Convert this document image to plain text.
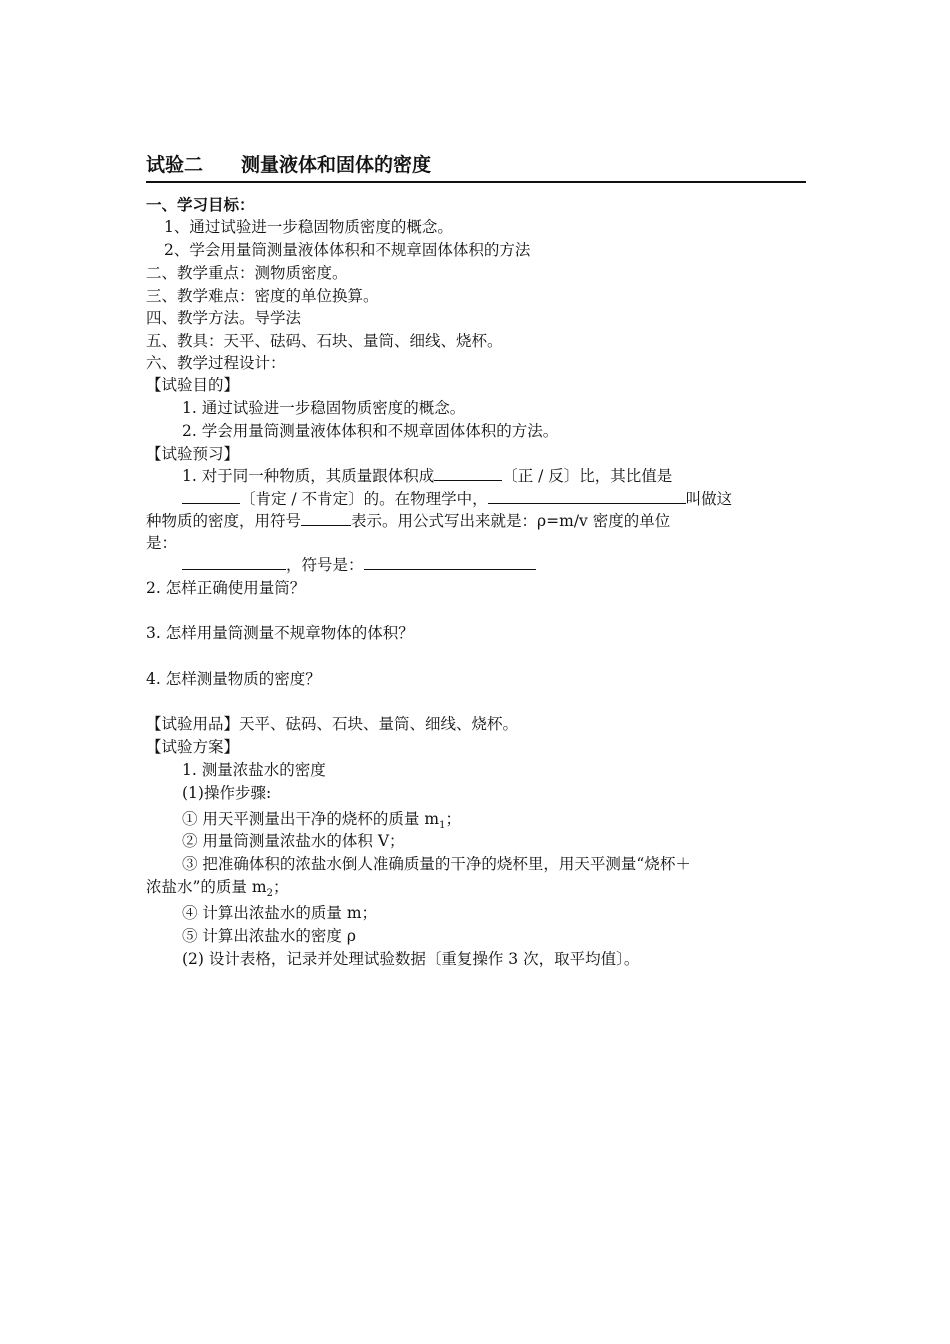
试验二　　测量液体和固体的密度
一、学习目标：
1、通过试验进一步稳固物质密度的概念。
2、学会用量筒测量液体体积和不规章固体体积的方法
二、教学重点：测物质密度。
三、教学难点：密度的单位换算。
四、教学方法。导学法
五、教具：天平、砝码、石块、量筒、细线、烧杯。
六、教学过程设计：
【试验目的】
1. 通过试验进一步稳固物质密度的概念。
2. 学会用量筒测量液体体积和不规章固体体积的方法。
【试验预习】
1. 对于同一种物质，其质量跟体积成	〔正 / 反〕比，其比值是
〔肯定 / 不肯定〕的。在物理学中，	叫做这
种物质的密度，用符号	表示。用公式写出来就是：ρ=m/v 密度的单位
是：
，符号是：
2. 怎样正确使用量筒？
3. 怎样用量筒测量不规章物体的体积？
4. 怎样测量物质的密度？
【试验用品】天平、砝码、石块、量筒、细线、烧杯。
【试验方案】
1. 测量浓盐水的密度
(1)操作步骤:
① 用天平测量出干净的烧杯的质量 $m_1$；
② 用量筒测量浓盐水的体积 V；
③ 把准确体积的浓盐水倒人准确质量的干净的烧杯里，用天平测量“烧杯＋
浓盐水”的质量 $m_2$；
④ 计算出浓盐水的质量 m；
⑤ 计算出浓盐水的密度 ρ
(2) 设计表格，记录并处理试验数据〔重复操作 3 次，取平均值〕。
